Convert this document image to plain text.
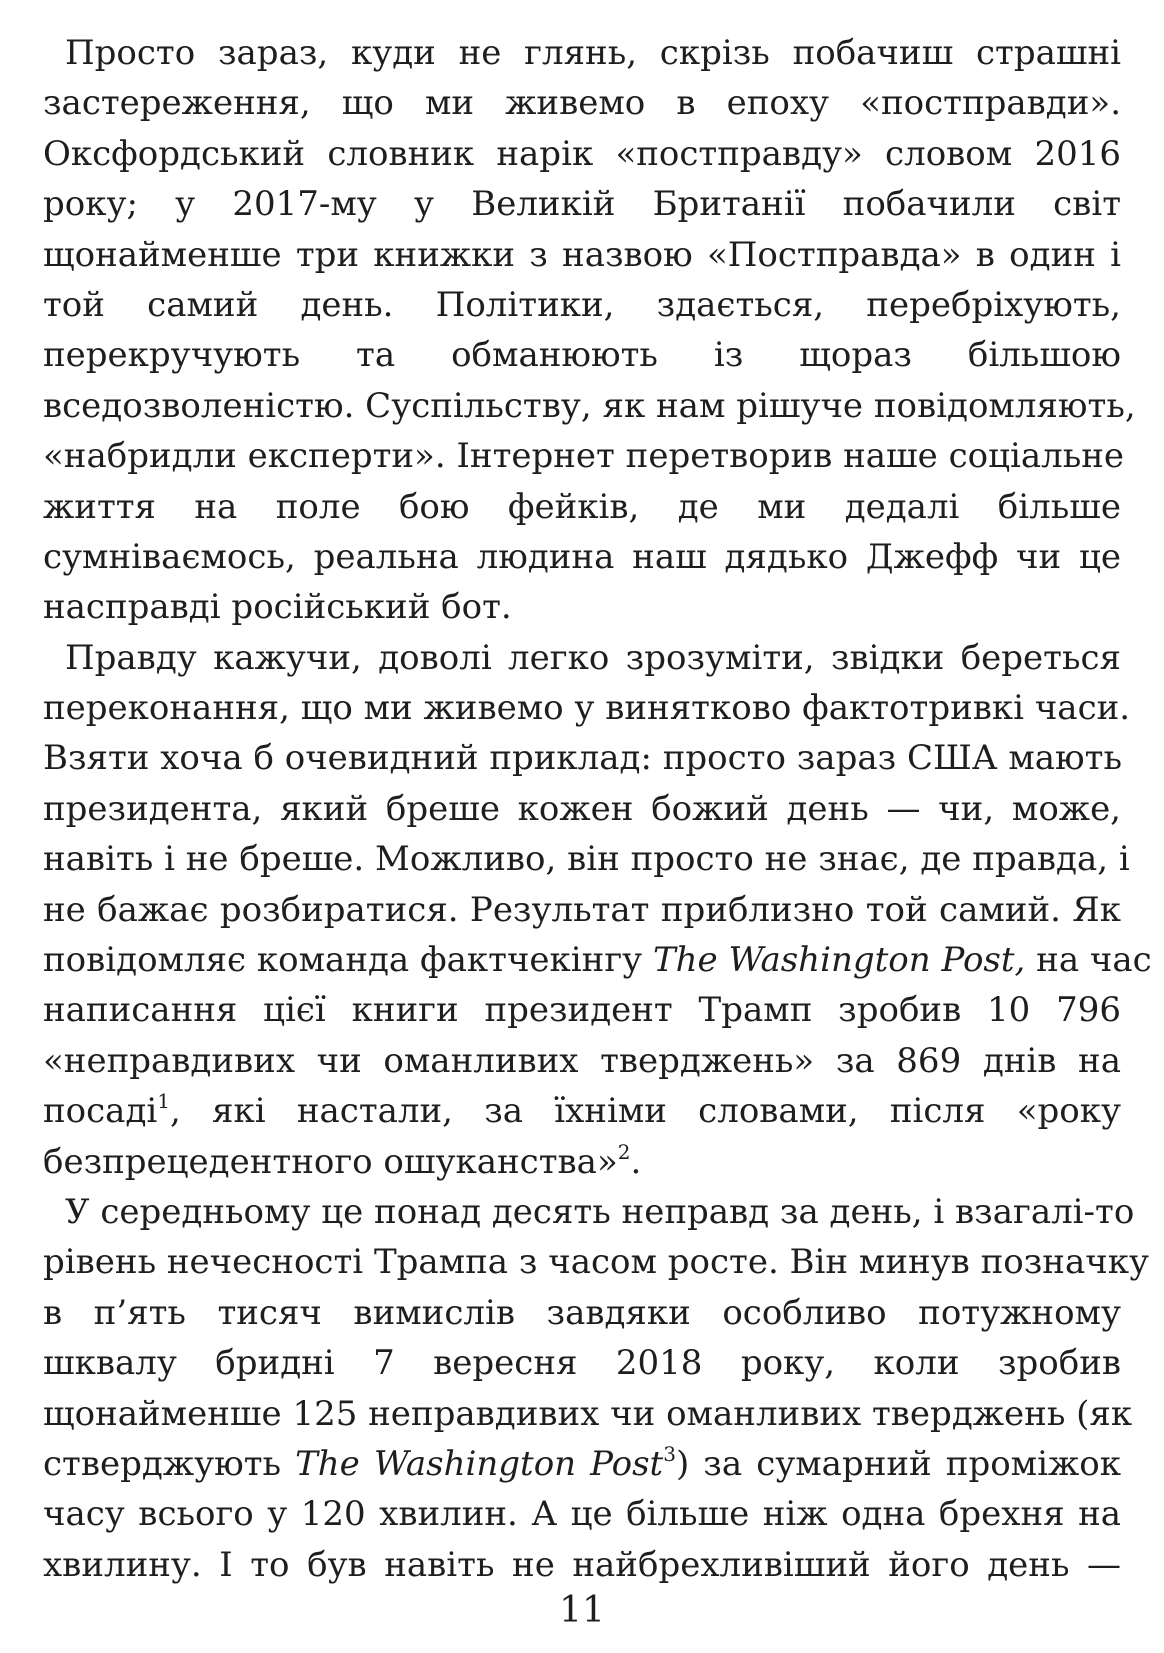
Просто зараз, куди не глянь, скрізь побачиш страшні
застереження, що ми живемо в епоху «постправди».
Оксфордський словник нарік «постправду» словом 2016
року; у 2017-му у Великій Британії побачили світ
щонайменше три книжки з назвою «Постправда» в один і
той самий день. Політики, здається, перебріхують,
перекручують та обманюють із щораз більшою
вседозволеністю. Суспільству, як нам рішуче повідомляють,
«набридли експерти». Інтернет перетворив наше соціальне
життя на поле бою фейків, де ми дедалі більше
сумніваємось, реальна людина наш дядько Джефф чи це
насправді російський бот.
Правду кажучи, доволі легко зрозуміти, звідки береться
переконання, що ми живемо у винятково фактотривкі часи.
Взяти хоча б очевидний приклад: просто зараз США мають
президента, який бреше кожен божий день — чи, може,
навіть і не бреше. Можливо, він просто не знає, де правда, і
не бажає розбиратися. Результат приблизно той самий. Як
повідомляє команда фактчекінгу The Washington Post, на час
написання цієї книги президент Трамп зробив 10 796
«неправдивих чи оманливих тверджень» за 869 днів на
посаді$^1$, які настали, за їхніми словами, після «року
безпрецедентного ошуканства»$^2$.
У середньому це понад десять неправд за день, і взагалі-то
рівень нечесності Трампа з часом росте. Він минув позначку
в п’ять тисяч вимислів завдяки особливо потужному
шквалу бридні 7 вересня 2018 року, коли зробив
щонайменше 125 неправдивих чи оманливих тверджень (як
стверджують The Washington Post$^3$) за сумарний проміжок
часу всього у 120 хвилин. А це більше ніж одна брехня на
хвилину. І то був навіть не найбрехливіший його день —
11
